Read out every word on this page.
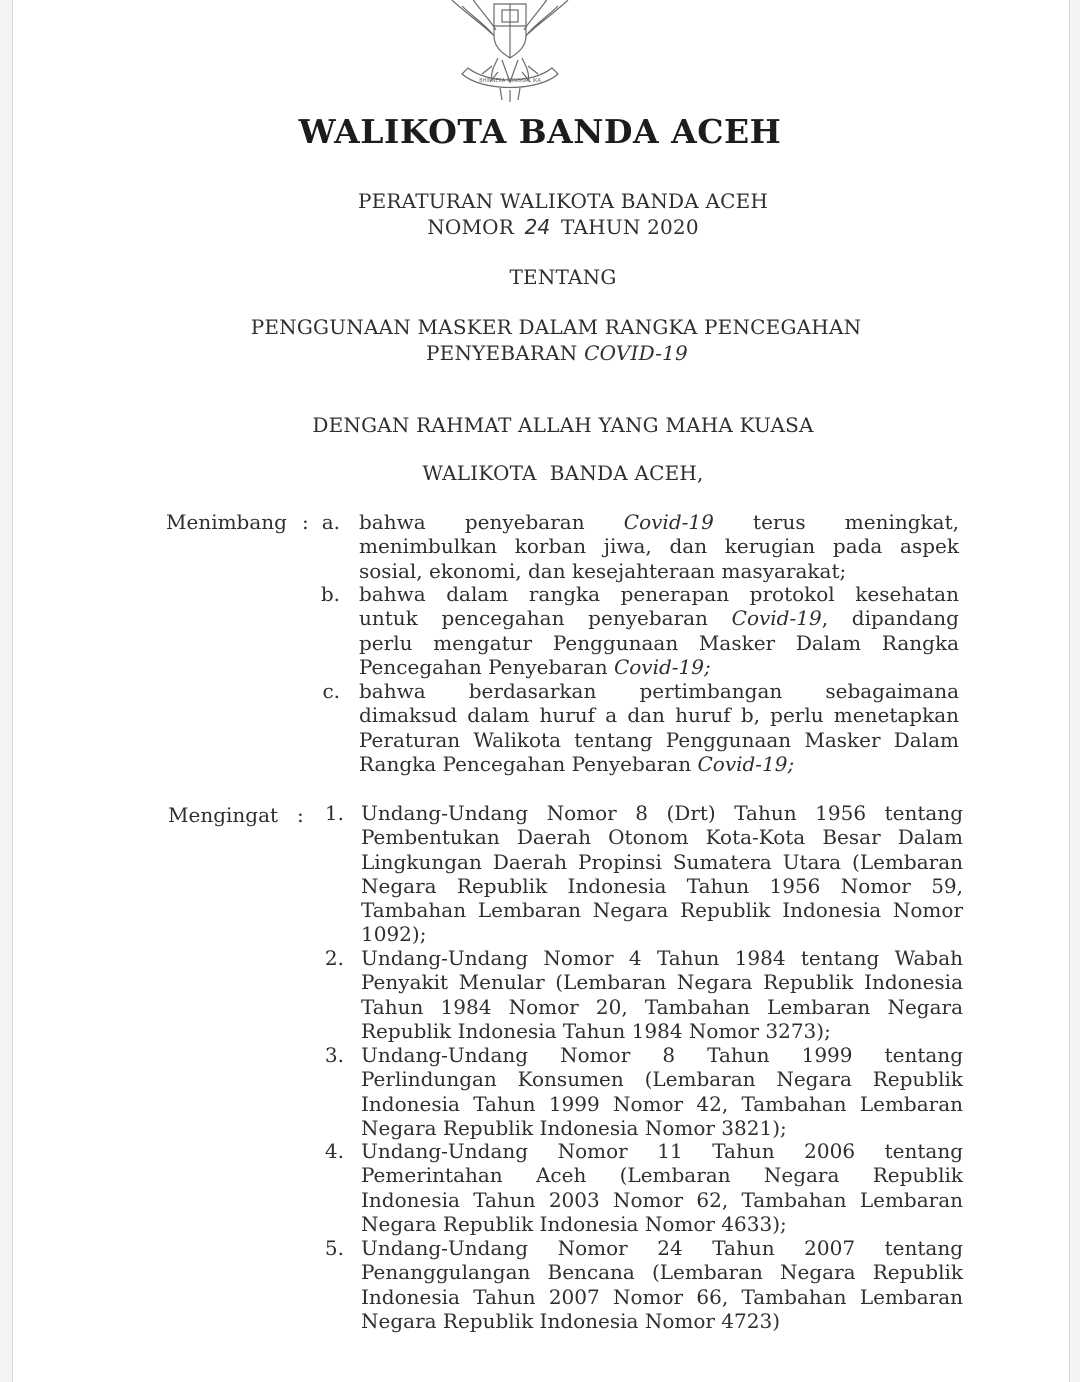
BHINNEKA TUNGGAL IKA
WALIKOTA BANDA ACEH
PERATURAN WALIKOTA BANDA ACEH
NOMOR 24 TAHUN 2020
TENTANG
PENGGUNAAN MASKER DALAM RANGKA PENCEGAHAN
PENYEBARAN COVID-19
DENGAN RAHMAT ALLAH YANG MAHA KUASA
WALIKOTA  BANDA ACEH,
Menimbang : a. bahwa penyebaran Covid-19 terus meningkat,
menimbulkan korban jiwa, dan kerugian pada aspek
sosial, ekonomi, dan kesejahteraan masyarakat;
b. bahwa dalam rangka penerapan protokol kesehatan
untuk pencegahan penyebaran Covid-19, dipandang
perlu mengatur Penggunaan Masker Dalam Rangka
Pencegahan Penyebaran Covid-19;
c. bahwa berdasarkan pertimbangan sebagaimana
dimaksud dalam huruf a dan huruf b, perlu menetapkan
Peraturan Walikota tentang Penggunaan Masker Dalam
Rangka Pencegahan Penyebaran Covid-19;
Mengingat :	1. Undang-Undang Nomor 8 (Drt) Tahun 1956 tentang
Pembentukan Daerah Otonom Kota-Kota Besar Dalam
Lingkungan Daerah Propinsi Sumatera Utara (Lembaran
Negara Republik Indonesia Tahun 1956 Nomor 59,
Tambahan Lembaran Negara Republik Indonesia Nomor
1092);
2. Undang-Undang Nomor 4 Tahun 1984 tentang Wabah
Penyakit Menular (Lembaran Negara Republik Indonesia
Tahun 1984 Nomor 20, Tambahan Lembaran Negara
Republik Indonesia Tahun 1984 Nomor 3273);
3. Undang-Undang Nomor 8 Tahun 1999 tentang
Perlindungan Konsumen (Lembaran Negara Republik
Indonesia Tahun 1999 Nomor 42, Tambahan Lembaran
Negara Republik Indonesia Nomor 3821);
4. Undang-Undang Nomor 11 Tahun 2006 tentang
Pemerintahan Aceh (Lembaran Negara Republik
Indonesia Tahun 2003 Nomor 62, Tambahan Lembaran
Negara Republik Indonesia Nomor 4633);
5. Undang-Undang Nomor 24 Tahun 2007 tentang
Penanggulangan Bencana (Lembaran Negara Republik
Indonesia Tahun 2007 Nomor 66, Tambahan Lembaran
Negara Republik Indonesia Nomor 4723)
